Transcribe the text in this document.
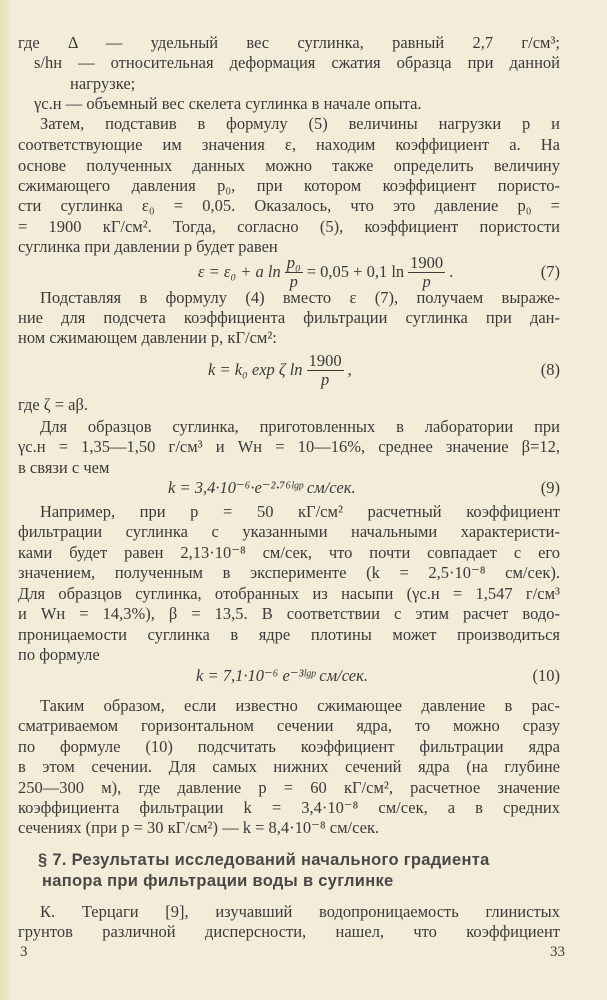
где Δ — удельный вес суглинка, равный 2,7 г/см³;
s/hн — относительная деформация сжатия образца при данной
нагрузке;
γс.н — объемный вес скелета суглинка в начале опыта.
Затем, подставив в формулу (5) величины нагрузки p и
соответствующие им значения ε, находим коэффициент a. На
основе полученных данных можно также определить величину
сжимающего давления p₀, при котором коэффициент пористо-
сти суглинка ε₀ = 0,05. Оказалось, что это давление p₀ =
= 1900 кГ/см². Тогда, согласно (5), коэффициент пористости
суглинка при давлении p будет равен
ε = ε₀ + a $\ln \frac{\text{p₀}}{p} = 0,05 + 0,1$ $\ln \frac{1900}{p}$ .	(7)
Подставляя в формулу (4) вместо ε (7), получаем выраже-
ние для подсчета коэффициента фильтрации суглинка при дан-
ном сжимающем давлении p, кГ/см²:
k = k₀ exp ζ $\ln \frac{1900}{p}$ ,	(8)
где ζ = aβ.
Для образцов суглинка, приготовленных в лаборатории при
γс.н = 1,35—1,50 г/см³ и Wн = 10—16%, среднее значение β=12,
в связи с чем
k = 3,4·10⁻⁶·e⁻²·⁷⁶ˡᵍᵖ см/сек.	(9)
Например, при p = 50 кГ/см² расчетный коэффициент
фильтрации суглинка с указанными начальными характеристи-
ками будет равен 2,13·10⁻⁸ см/сек, что почти совпадает с его
значением, полученным в эксперименте (k = 2,5·10⁻⁸ см/сек).
Для образцов суглинка, отобранных из насыпи (γс.н = 1,547 г/см³
и Wн = 14,3%), β = 13,5. В соответствии с этим расчет водо-
проницаемости суглинка в ядре плотины может производиться
по формуле
k = 7,1·10⁻⁶ e⁻³ˡᵍᵖ см/сек.	(10)
Таким образом, если известно сжимающее давление в рас-
сматриваемом горизонтальном сечении ядра, то можно сразу
по формуле (10) подсчитать коэффициент фильтрации ядра
в этом сечении. Для самых нижних сечений ядра (на глубине
250—300 м), где давление p = 60 кГ/см², расчетное значение
коэффициента фильтрации k = 3,4·10⁻⁸ см/сек, а в средних
сечениях (при p = 30 кГ/см²) — k = 8,4·10⁻⁸ см/сек.
§ 7. Результаты исследований начального градиента
напора при фильтрации воды в суглинке
К. Терцаги [9], изучавший водопроницаемость глинистых
грунтов различной дисперсности, нашел, что коэффициент
3	33
